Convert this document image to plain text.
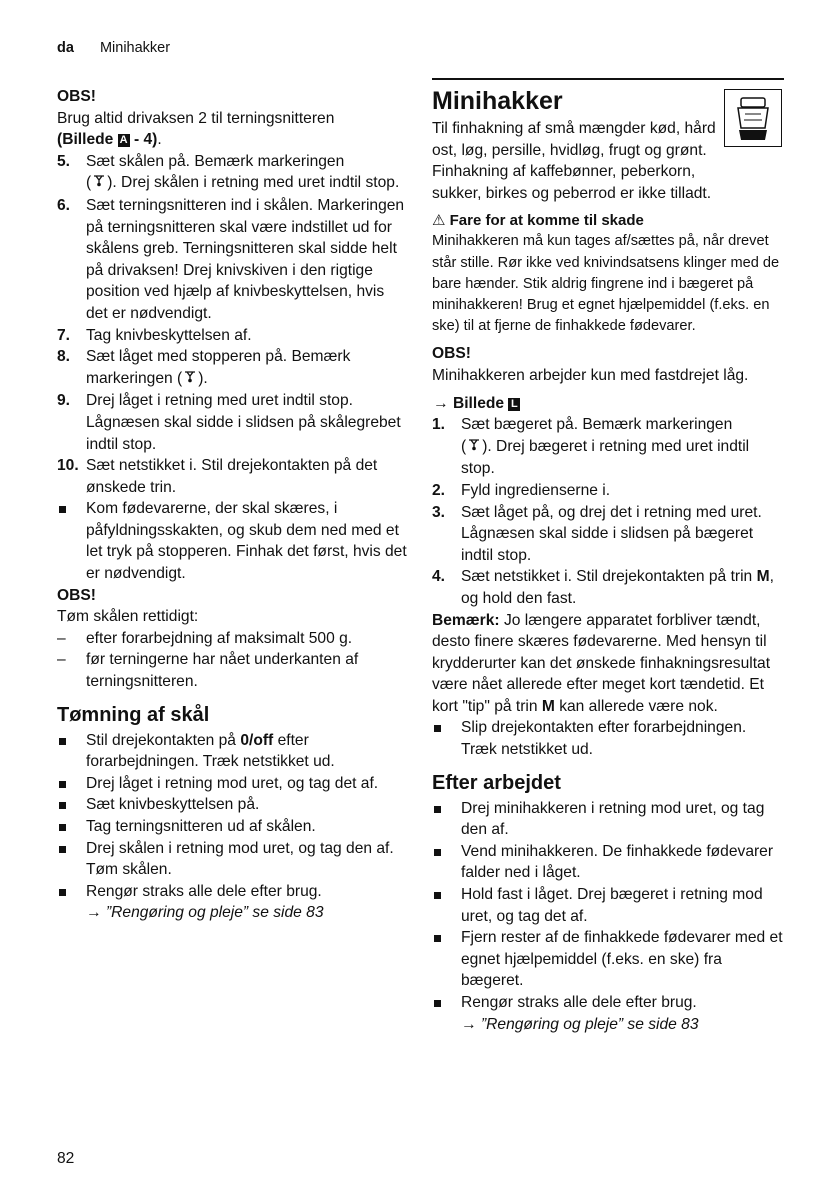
da Minihakker
OBS!
Brug altid drivaksen 2 til terningsnitteren
(Billede A - 4).
5.	Sæt skålen på. Bemærk markeringen
( ). Drej skålen i retning med uret indtil stop.
6.	Sæt terningsnitteren ind i skålen. Markeringen på terningsnitteren skal være indstillet ud for skålens greb. Terningsnitteren skal sidde helt på drivaksen! Drej knivskiven i den rigtige position ved hjælp af knivbeskyttelsen, hvis det er nødvendigt.
7.	Tag knivbeskyttelsen af.
8.	Sæt låget med stopperen på. Bemærk markeringen ( ).
9.	Drej låget i retning med uret indtil stop. Lågnæsen skal sidde i slidsen på skålegrebet indtil stop.
10. Sæt netstikket i. Stil drejekontakten på det ønskede trin.
Kom fødevarerne, der skal skæres, i påfyldningsskakten, og skub dem ned med et let tryk på stopperen. Finhak det først, hvis det er nødvendigt.
OBS!
Tøm skålen rettidigt:
–	efter forarbejdning af maksimalt 500 g.
–	før terningerne har nået underkanten af terningsnitteren.
Tømning af skål
Stil drejekontakten på 0/off efter forarbejdningen. Træk netstikket ud.
Drej låget i retning mod uret, og tag det af.
Sæt knivbeskyttelsen på.
Tag terningsnitteren ud af skålen.
Drej skålen i retning mod uret, og tag den af. Tøm skålen.
Rengør straks alle dele efter brug.
→ ”Rengøring og pleje” se side 83
Minihakker
Til finhakning af små mængder kød, hård ost, løg, persille, hvidløg, frugt og grønt. Finhakning af kaffebønner, peberkorn, sukker, birkes og peberrod er ikke tilladt.
⚠ Fare for at komme til skade
Minihakkeren må kun tages af/sættes på, når drevet står stille. Rør ikke ved knivindsatsens klinger med de bare hænder. Stik aldrig fingrene ind i bægeret på minihakkeren! Brug et egnet hjælpemiddel (f.eks. en ske) til at fjerne de finhakkede fødevarer.
OBS!
Minihakkeren arbejder kun med fastdrejet låg.
→ Billede L
1.	Sæt bægeret på. Bemærk markeringen
( ). Drej bægeret i retning med uret indtil stop.
2.	Fyld ingredienserne i.
3.	Sæt låget på, og drej det i retning med uret. Lågnæsen skal sidde i slidsen på bægeret indtil stop.
4.	Sæt netstikket i. Stil drejekontakten på trin M, og hold den fast.
Bemærk: Jo længere apparatet forbliver tændt, desto finere skæres fødevarerne. Med hensyn til krydderurter kan det ønskede finhakningsresultat være nået allerede efter meget kort tændetid. Et kort "tip" på trin M kan allerede være nok.
Slip drejekontakten efter forarbejdningen. Træk netstikket ud.
Efter arbejdet
Drej minihakkeren i retning mod uret, og tag den af.
Vend minihakkeren. De finhakkede fødevarer falder ned i låget.
Hold fast i låget. Drej bægeret i retning mod uret, og tag det af.
Fjern rester af de finhakkede fødevarer med et egnet hjælpemiddel (f.eks. en ske) fra bægeret.
Rengør straks alle dele efter brug.
→ ”Rengøring og pleje” se side 83
82
